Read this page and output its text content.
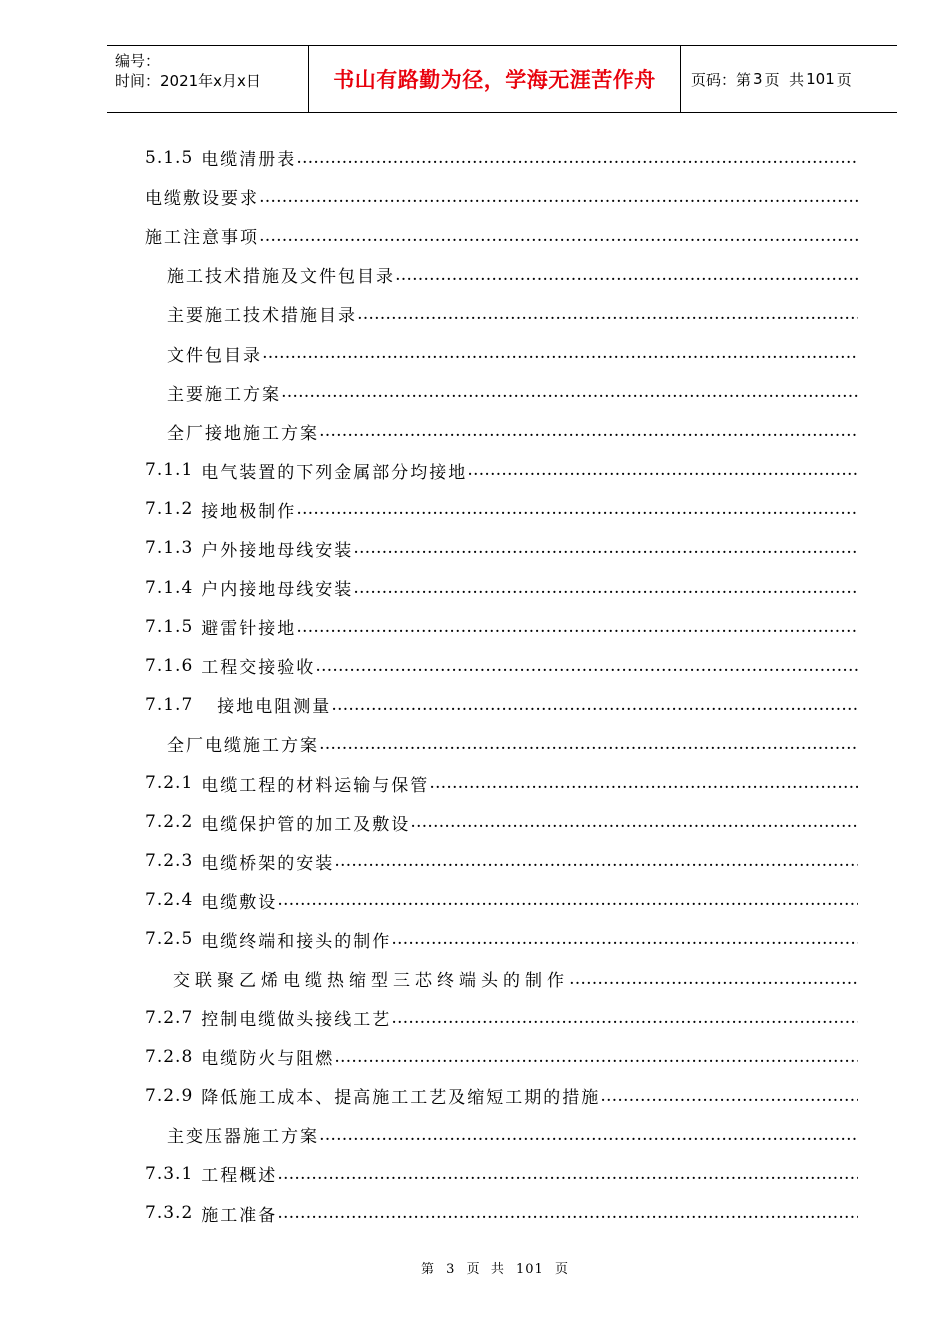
编号：
时间：2021年x月x日	书山有路勤为径，学海无涯苦作舟	页码：第 3 页  共 101 页
5.1.5 电缆清册表
……………………………………………………………………………………………………………………………………………………………………
电缆敷设要求
……………………………………………………………………………………………………………………………………………………………………
施工注意事项
……………………………………………………………………………………………………………………………………………………………………
施工技术措施及文件包目录
……………………………………………………………………………………………………………………………………………………………………
主要施工技术措施目录
……………………………………………………………………………………………………………………………………………………………………
文件包目录
……………………………………………………………………………………………………………………………………………………………………
主要施工方案
……………………………………………………………………………………………………………………………………………………………………
全厂接地施工方案
……………………………………………………………………………………………………………………………………………………………………
7.1.1 电气装置的下列金属部分均接地
……………………………………………………………………………………………………………………………………………………………………
7.1.2 接地极制作
……………………………………………………………………………………………………………………………………………………………………
7.1.3 户外接地母线安装
……………………………………………………………………………………………………………………………………………………………………
7.1.4 户内接地母线安装
……………………………………………………………………………………………………………………………………………………………………
7.1.5 避雷针接地
……………………………………………………………………………………………………………………………………………………………………
7.1.6 工程交接验收
……………………………………………………………………………………………………………………………………………………………………
7.1.7 接地电阻测量
……………………………………………………………………………………………………………………………………………………………………
全厂电缆施工方案
……………………………………………………………………………………………………………………………………………………………………
7.2.1 电缆工程的材料运输与保管
……………………………………………………………………………………………………………………………………………………………………
7.2.2 电缆保护管的加工及敷设
……………………………………………………………………………………………………………………………………………………………………
7.2.3 电缆桥架的安装
……………………………………………………………………………………………………………………………………………………………………
7.2.4 电缆敷设
……………………………………………………………………………………………………………………………………………………………………
7.2.5 电缆终端和接头的制作
……………………………………………………………………………………………………………………………………………………………………
交联聚乙烯电缆热缩型三芯终端头的制作
……………………………………………………………………………………………………………………………………………………………………
7.2.7 控制电缆做头接线工艺
……………………………………………………………………………………………………………………………………………………………………
7.2.8 电缆防火与阻燃
……………………………………………………………………………………………………………………………………………………………………
7.2.9 降低施工成本、提高施工工艺及缩短工期的措施
……………………………………………………………………………………………………………………………………………………………………
主变压器施工方案
……………………………………………………………………………………………………………………………………………………………………
7.3.1 工程概述
……………………………………………………………………………………………………………………………………………………………………
7.3.2 施工准备
……………………………………………………………………………………………………………………………………………………………………
第 3 页  共 101 页
